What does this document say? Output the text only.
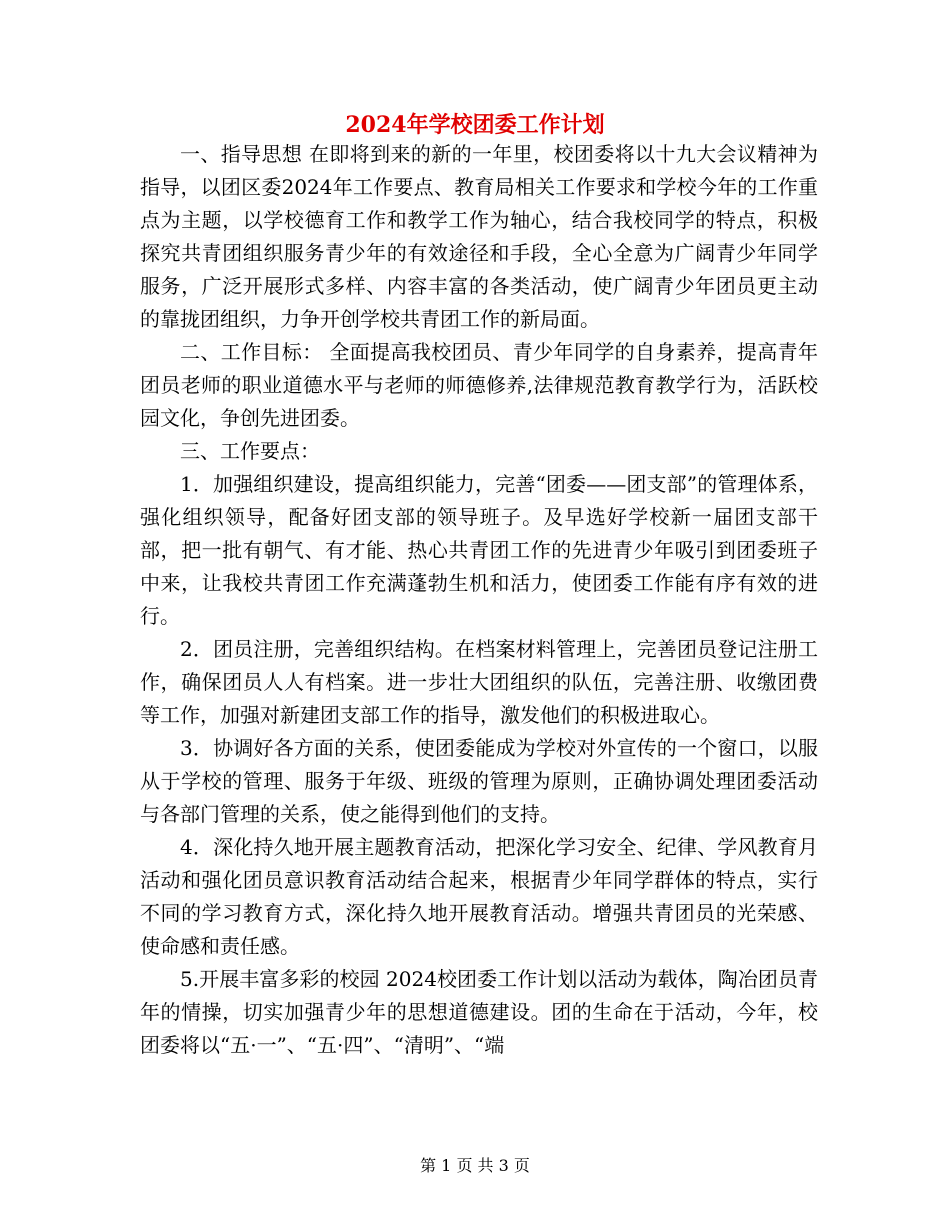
2024年学校团委工作计划

一、指导思想 在即将到来的新的一年里，校团委将以十九大会议精神为指导，以团区委2024年工作要点、教育局相关工作要求和学校今年的工作重点为主题，以学校德育工作和教学工作为轴心，结合我校同学的特点，积极探究共青团组织服务青少年的有效途径和手段，全心全意为广阔青少年同学服务，广泛开展形式多样、内容丰富的各类活动，使广阔青少年团员更主动的靠拢团组织，力争开创学校共青团工作的新局面。

二、工作目标： 全面提高我校团员、青少年同学的自身素养，提高青年团员老师的职业道德水平与老师的师德修养,法律规范教育教学行为，活跃校园文化，争创先进团委。

三、工作要点：

1．加强组织建设，提高组织能力，完善“团委——团支部”的管理体系，强化组织领导，配备好团支部的领导班子。及早选好学校新一届团支部干部，把一批有朝气、有才能、热心共青团工作的先进青少年吸引到团委班子中来，让我校共青团工作充满蓬勃生机和活力，使团委工作能有序有效的进行。

2．团员注册，完善组织结构。在档案材料管理上，完善团员登记注册工作，确保团员人人有档案。进一步壮大团组织的队伍，完善注册、收缴团费等工作，加强对新建团支部工作的指导，激发他们的积极进取心。

3．协调好各方面的关系，使团委能成为学校对外宣传的一个窗口，以服从于学校的管理、服务于年级、班级的管理为原则，正确协调处理团委活动与各部门管理的关系，使之能得到他们的支持。

4．深化持久地开展主题教育活动，把深化学习安全、纪律、学风教育月活动和强化团员意识教育活动结合起来，根据青少年同学群体的特点，实行不同的学习教育方式，深化持久地开展教育活动。增强共青团员的光荣感、使命感和责任感。

5.开展丰富多彩的校园 2024校团委工作计划以活动为载体，陶冶团员青年的情操，切实加强青少年的思想道德建设。团的生命在于活动，今年，校团委将以“五·一”、“五·四”、“清明”、“端

第 1 页 共 3 页
